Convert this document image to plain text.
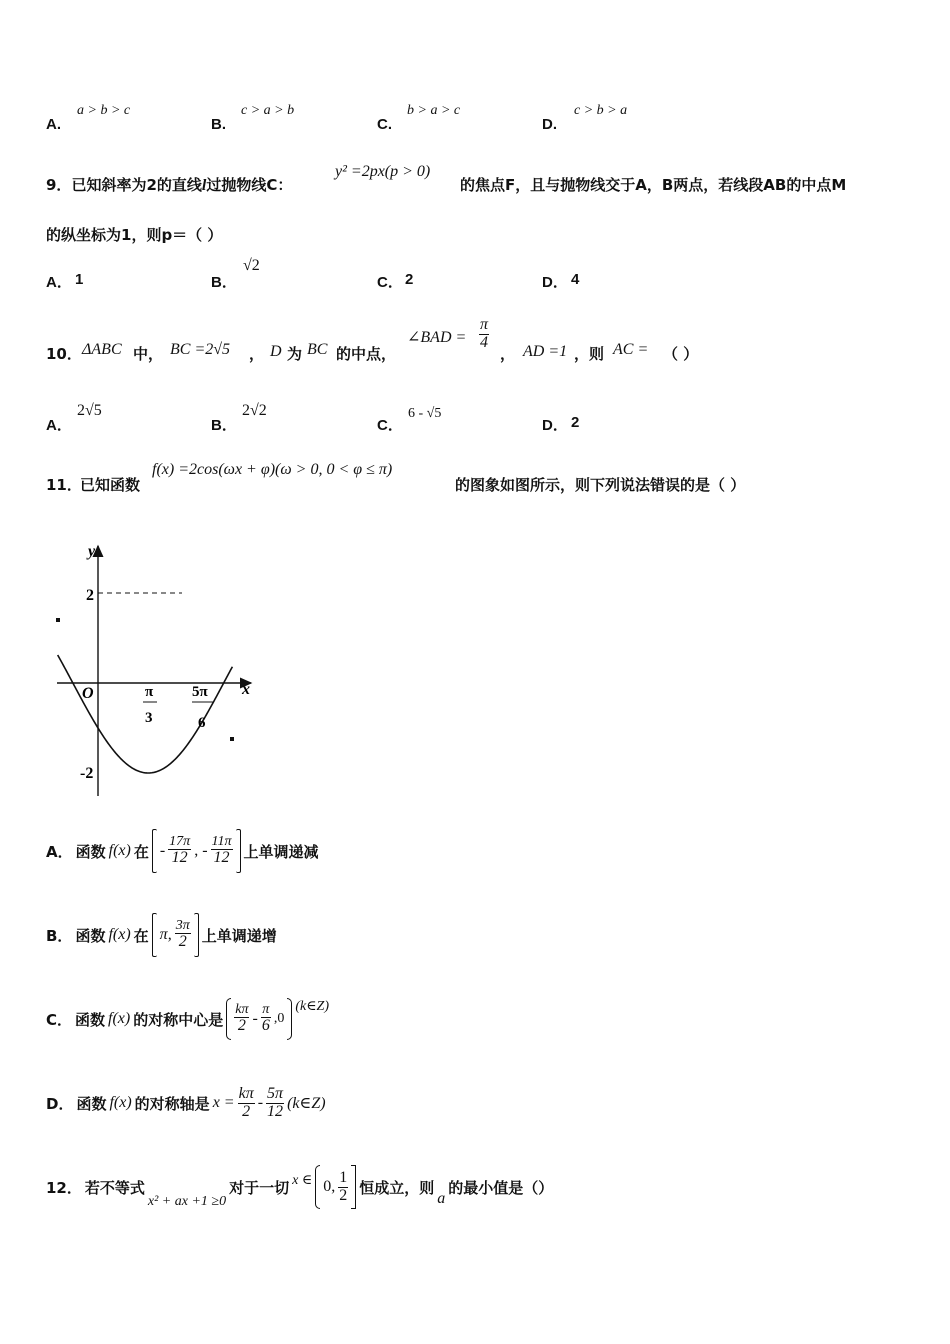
A.
a > b > c
B.
c > a > b
C.
b > a > c
D.
c > b > a
9．已知斜率为2的直线l过抛物线C：
y² =2px(p > 0)
的焦点F，且与抛物线交于A，B两点，若线段AB的中点M
的纵坐标为1，则p＝（ ）
A． 1	B．
√2
C． 2	D． 4
10． ΔABC 中， BC =2√5 ， D 为 BC 的中点，
∠BAD = $\frac{\pi}{4}$
， AD =1 ，则 AC = （ ）
A．
2√5
B．
2√2
C．
6 - √5
D． 2
11．
已知函数
f(x) =2cos(ωx + φ)(ω > 0, 0 < φ ≤ π)
的图象如图所示，则下列说法错误的是（ ）
y
x
O
2
-2
π
3
5π
6
A． 函数 f(x) 在 - $\frac{17\pi}{12}$ , - $\frac{11\pi}{12}$ 上单调递减
B． 函数 f(x) 在 π, $\frac{3\pi}{2}$ 上单调递增
C． 函数 f(x) 的对称中心是 $\frac{k\pi}{2} - \frac{\pi}{6} ,0$
(k∈Z)
D． 函数 f(x) 的对称轴是 $x = \frac{k\pi}{2} - \frac{5\pi}{12}$ (k∈Z)
12． 若不等式
x² + ax +1 ≥0
对于一切 x ∈ 0, $\frac{1}{2}$ 恒成立，则
a
的最小值是（）
